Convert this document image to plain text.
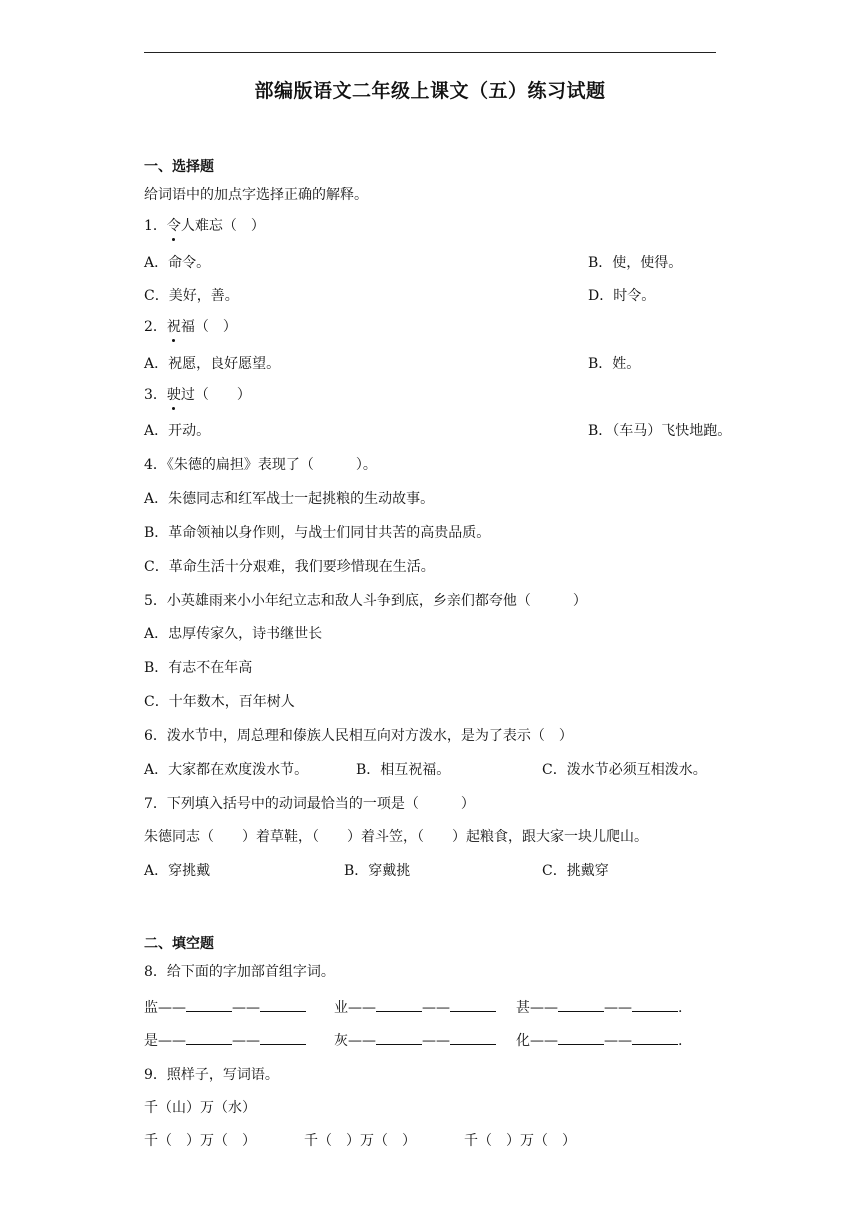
部编版语文二年级上课文（五）练习试题
一、选择题
给词语中的加点字选择正确的解释。
1．令人难忘（　）
A．命令。	B．使，使得。
C．美好，善。	D．时令。
2．祝福（　）
A．祝愿，良好愿望。	B．姓。
3．驶过（　　）
A．开动。	B．（车马）飞快地跑。
4．《朱德的扁担》表现了（　　　）。
A．朱德同志和红军战士一起挑粮的生动故事。
B．革命领袖以身作则，与战士们同甘共苦的高贵品质。
C．革命生活十分艰难，我们要珍惜现在生活。
5．小英雄雨来小小年纪立志和敌人斗争到底，乡亲们都夸他（　　　）
A．忠厚传家久，诗书继世长
B．有志不在年高
C．十年数木，百年树人
6．泼水节中，周总理和傣族人民相互向对方泼水，是为了表示（　）
A．大家都在欢度泼水节。	B．相互祝福。	C．泼水节必须互相泼水。
7．下列填入括号中的动词最恰当的一项是（　　　）
朱德同志（　　）着草鞋，（　　）着斗笠，（　　）起粮食，跟大家一块儿爬山。
A．穿挑戴	B．穿戴挑	C．挑戴穿
二、填空题
8．给下面的字加部首组字词。
监——	——	业——	——	甚——	——	.
是——	——	灰——	——	化——	——	.
9．照样子，写词语。
千（山）万（水）
千（　）万（　）	千（　）万（　）	千（　）万（　）
